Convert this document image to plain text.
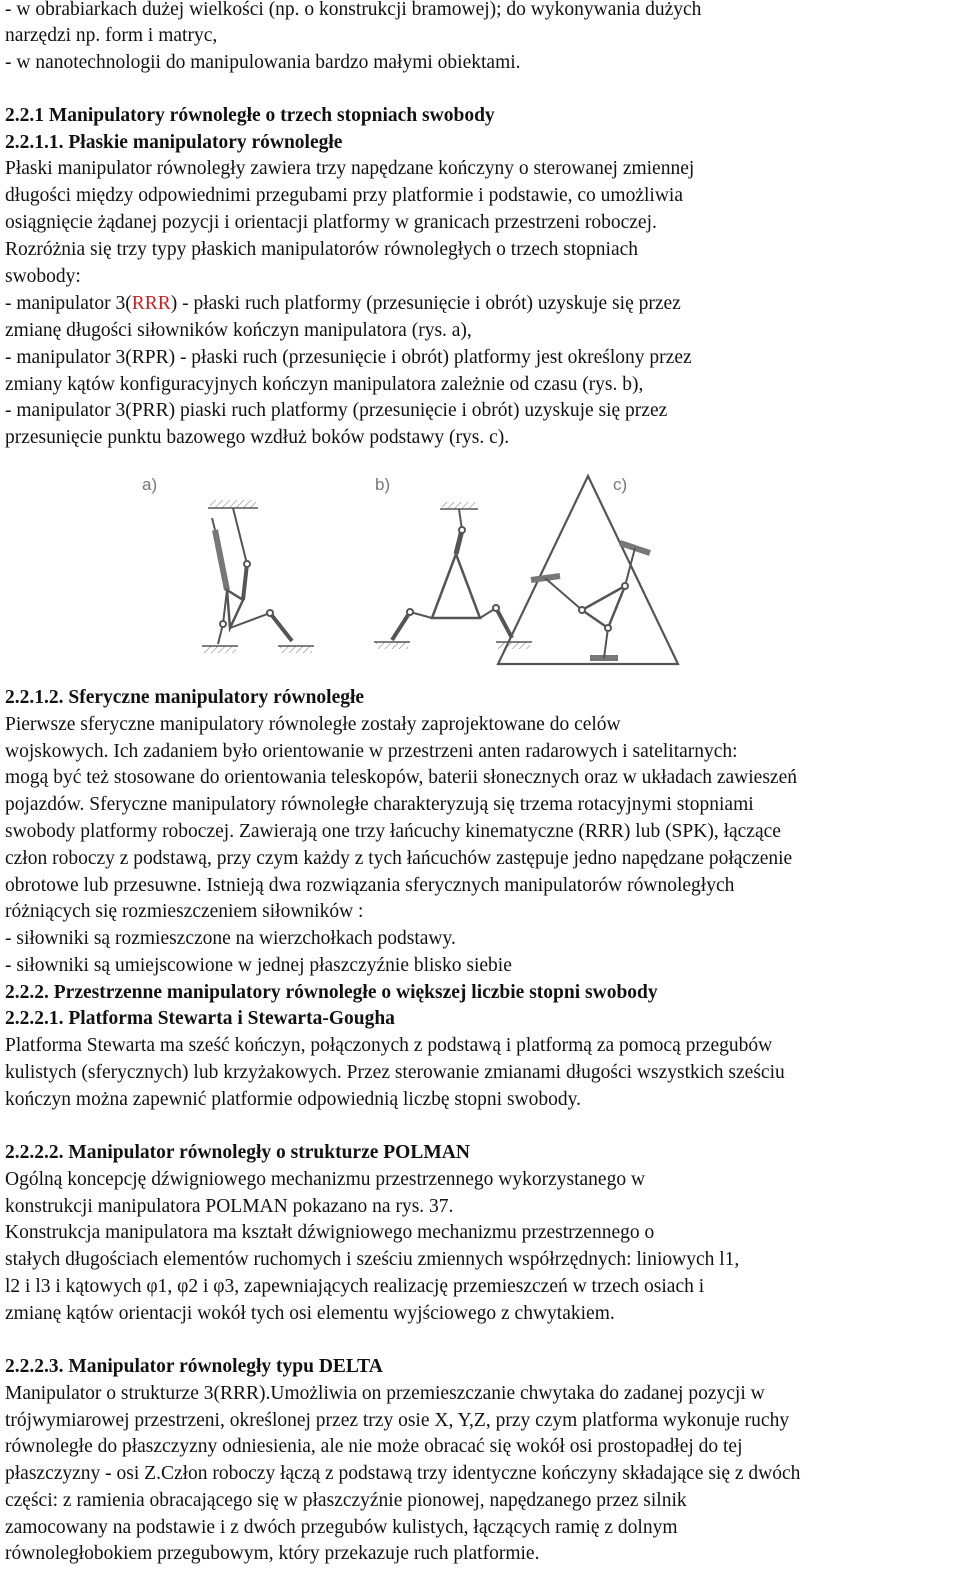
- w obrabiarkach dużej wielkości (np. o konstrukcji bramowej); do wykonywania dużych
narzędzi np. form i matryc,
- w nanotechnologii do manipulowania bardzo małymi obiektami.
2.2.1 Manipulatory równoległe o trzech stopniach swobody
2.2.1.1. Płaskie manipulatory równoległe
Płaski manipulator równoległy zawiera trzy napędzane kończyny o sterowanej zmiennej
długości między odpowiednimi przegubami przy platformie i podstawie, co umożliwia
osiągnięcie żądanej pozycji i orientacji platformy w granicach przestrzeni roboczej.
Rozróżnia się trzy typy płaskich manipulatorów równoległych o trzech stopniach
swobody:
- manipulator 3(RRR) - płaski ruch platformy (przesunięcie i obrót) uzyskuje się przez
zmianę długości siłowników kończyn manipulatora (rys. a),
- manipulator 3(RPR) - płaski ruch (przesunięcie i obrót) platformy jest określony przez
zmiany kątów konfiguracyjnych kończyn manipulatora zależnie od czasu (rys. b),
- manipulator 3(PRR) piaski ruch platformy (przesunięcie i obrót) uzyskuje się przez
przesunięcie punktu bazowego wzdłuż boków podstawy (rys. c).
a)	b)	c)
2.2.1.2. Sferyczne manipulatory równoległe
Pierwsze sferyczne manipulatory równoległe zostały zaprojektowane do celów
wojskowych. Ich zadaniem było orientowanie w przestrzeni anten radarowych i satelitarnych:
mogą być też stosowane do orientowania teleskopów, baterii słonecznych oraz w układach zawieszeń
pojazdów. Sferyczne manipulatory równoległe charakteryzują się trzema rotacyjnymi stopniami
swobody platformy roboczej. Zawierają one trzy łańcuchy kinematyczne (RRR) lub (SPK), łączące
człon roboczy z podstawą, przy czym każdy z tych łańcuchów zastępuje jedno napędzane połączenie
obrotowe lub przesuwne. Istnieją dwa rozwiązania sferycznych manipulatorów równoległych
różniących się rozmieszczeniem siłowników :
- siłowniki są rozmieszczone na wierzchołkach podstawy.
- siłowniki są umiejscowione w jednej płaszczyźnie blisko siebie
2.2.2. Przestrzenne manipulatory równoległe o większej liczbie stopni swobody
2.2.2.1. Platforma Stewarta i Stewarta-Gougha
Platforma Stewarta ma sześć kończyn, połączonych z podstawą i platformą za pomocą przegubów
kulistych (sferycznych) lub krzyżakowych. Przez sterowanie zmianami długości wszystkich sześciu
kończyn można zapewnić platformie odpowiednią liczbę stopni swobody.
2.2.2.2. Manipulator równoległy o strukturze POLMAN
Ogólną koncepcję dźwigniowego mechanizmu przestrzennego wykorzystanego w
konstrukcji manipulatora POLMAN pokazano na rys. 37.
Konstrukcja manipulatora ma kształt dźwigniowego mechanizmu przestrzennego o
stałych długościach elementów ruchomych i sześciu zmiennych współrzędnych: liniowych l1,
l2 i l3 i kątowych φ1, φ2 i φ3, zapewniających realizację przemieszczeń w trzech osiach i
zmianę kątów orientacji wokół tych osi elementu wyjściowego z chwytakiem.
2.2.2.3. Manipulator równoległy typu DELTA
Manipulator o strukturze 3(RRR).Umożliwia on przemieszczanie chwytaka do zadanej pozycji w
trójwymiarowej przestrzeni, określonej przez trzy osie X, Y,Z, przy czym platforma wykonuje ruchy
równoległe do płaszczyzny odniesienia, ale nie może obracać się wokół osi prostopadłej do tej
płaszczyzny - osi Z.Człon roboczy łączą z podstawą trzy identyczne kończyny składające się z dwóch
części: z ramienia obracającego się w płaszczyźnie pionowej, napędzanego przez silnik
zamocowany na podstawie i z dwóch przegubów kulistych, łączących ramię z dolnym
równoległobokiem przegubowym, który przekazuje ruch platformie.
